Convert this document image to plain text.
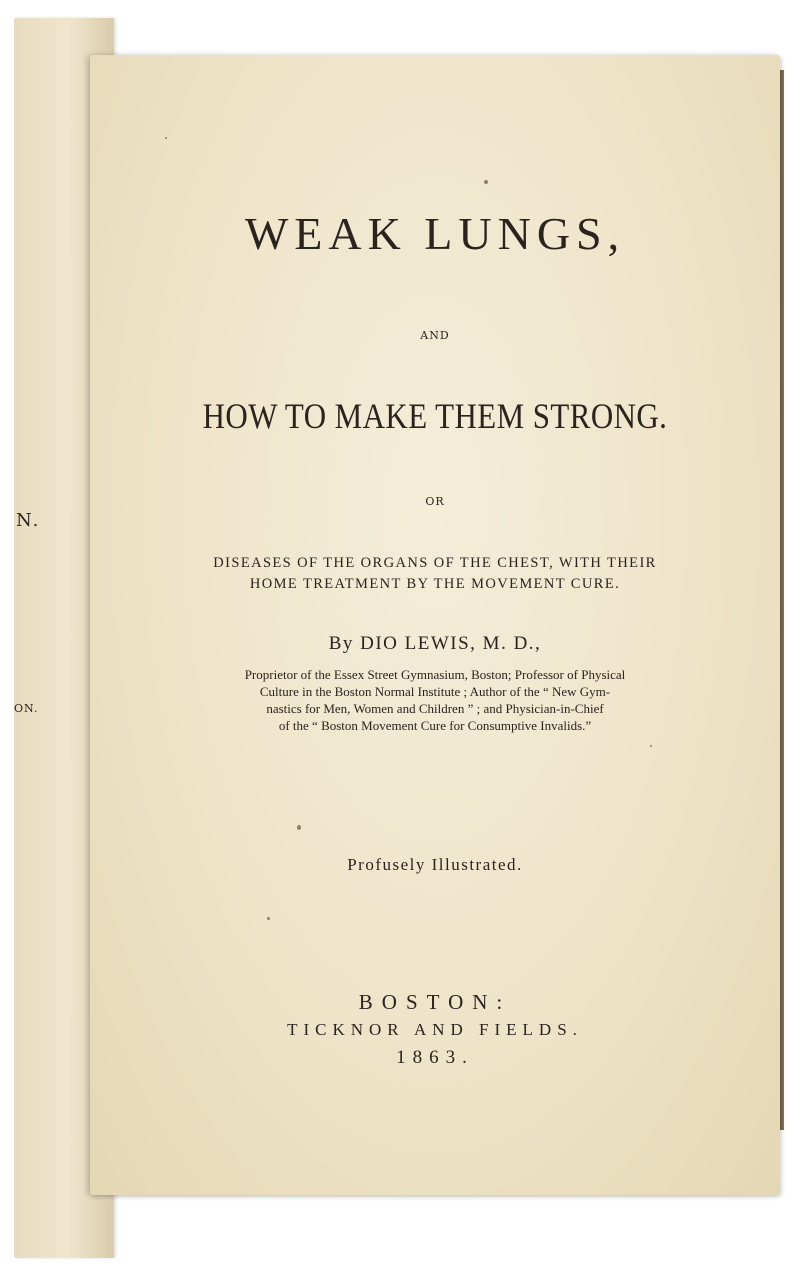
N.
ON.
WEAK LUNGS,
AND
HOW TO MAKE THEM STRONG.
OR
DISEASES OF THE ORGANS OF THE CHEST, WITH THEIR
HOME TREATMENT BY THE MOVEMENT CURE.
By DIO LEWIS, M. D.,
Proprietor of the Essex Street Gymnasium, Boston; Professor of Physical
Culture in the Boston Normal Institute ; Author of the “ New Gym-
nastics for Men, Women and Children ” ; and Physician-in-Chief
of the “ Boston Movement Cure for Consumptive Invalids.”
Profusely Illustrated.
BOSTON:
TICKNOR AND FIELDS.
1863.
